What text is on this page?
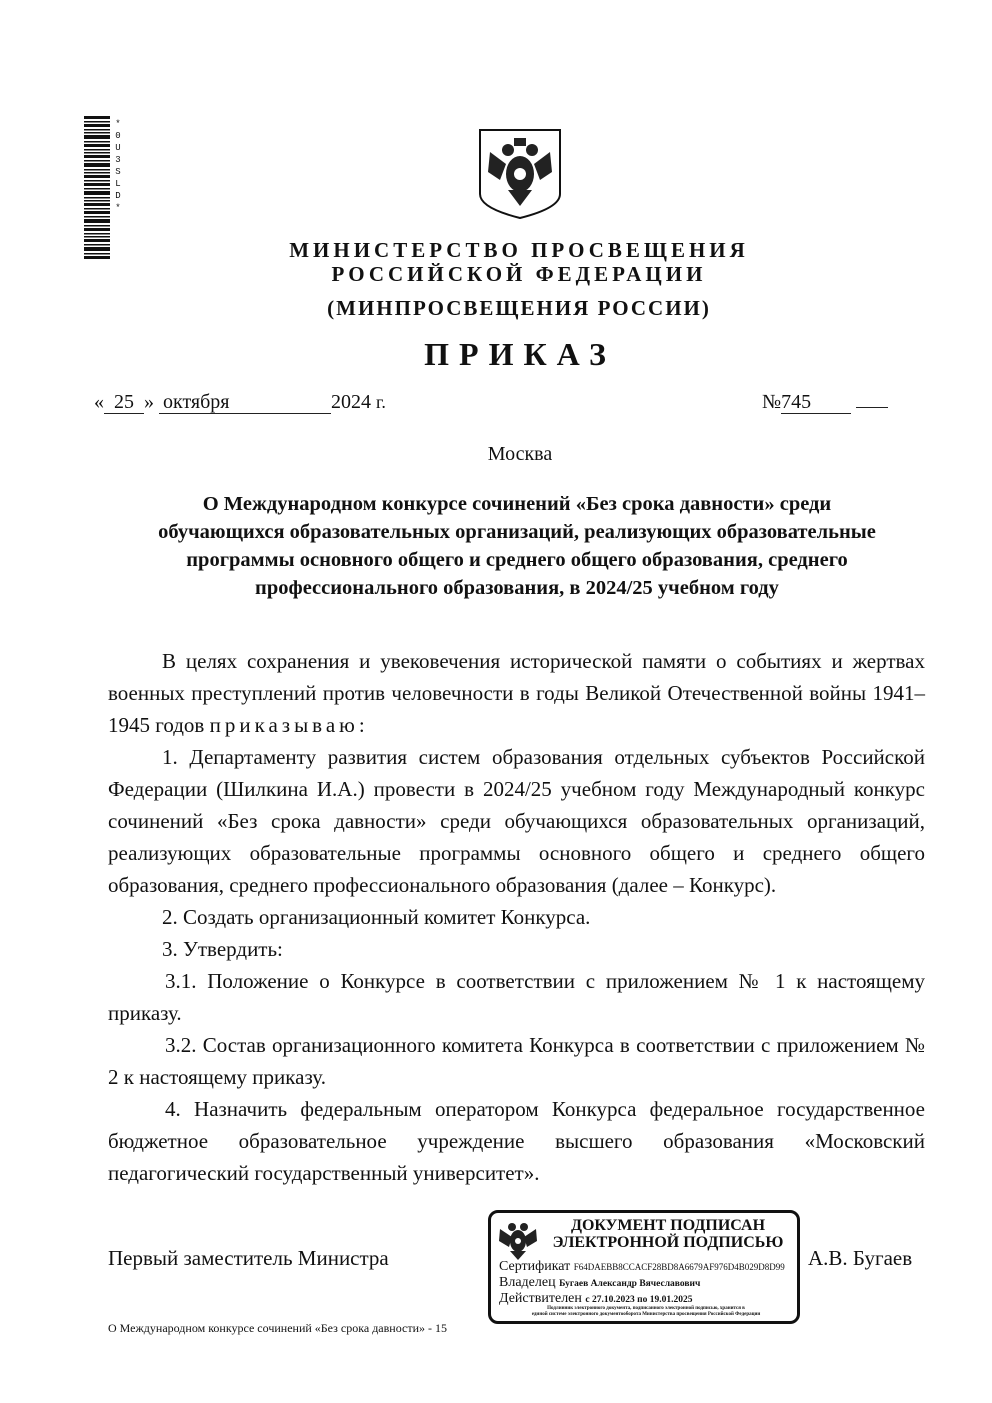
*
0
U
3
S
L
D
*
МИНИСТЕРСТВО ПРОСВЕЩЕНИЯ
РОССИЙСКОЙ ФЕДЕРАЦИИ
(МИНПРОСВЕЩЕНИЯ РОССИИ)
ПРИКАЗ
« 25 » октября	2024 г.	№745
Москва
О Международном конкурсе сочинений «Без срока давности» среди
обучающихся образовательных организаций, реализующих образовательные
программы основного общего и среднего общего образования, среднего
профессионального образования, в 2024/25 учебном году

В целях сохранения и увековечения исторической памяти о событиях и жертвах военных преступлений против человечности в годы Великой Отечественной войны 1941–1945 годов приказываю:

1. Департаменту развития систем образования отдельных субъектов Российской Федерации (Шилкина И.А.) провести в 2024/25 учебном году Международный конкурс сочинений «Без срока давности» среди обучающихся образовательных организаций, реализующих образовательные программы основного общего и среднего общего образования, среднего профессионального образования (далее – Конкурс).

2. Создать организационный комитет Конкурса.

3. Утвердить:

3.1. Положение о Конкурсе в соответствии с приложением № 1 к настоящему приказу.

3.2. Состав организационного комитета Конкурса в соответствии с приложением № 2 к настоящему приказу.

4. Назначить федеральным оператором Конкурса федеральное государственное бюджетное образовательное учреждение высшего образования «Московский педагогический государственный университет».

Первый заместитель Министра	А.В. Бугаев
ДОКУМЕНТ ПОДПИСАН
ЭЛЕКТРОННОЙ ПОДПИСЬЮ
Сертификат F64DAEBB8CCACF28BD8A6679AF976D4B029D8D99
Владелец Бугаев Александр Вячеславович
Действителен с 27.10.2023 по 19.01.2025
Подлинник электронного документа, подписанного электронной подписью, хранится в
единой системе электронного документооборота Министерства просвещения Российской Федерации
О Международном конкурсе сочинений «Без срока давности» - 15
